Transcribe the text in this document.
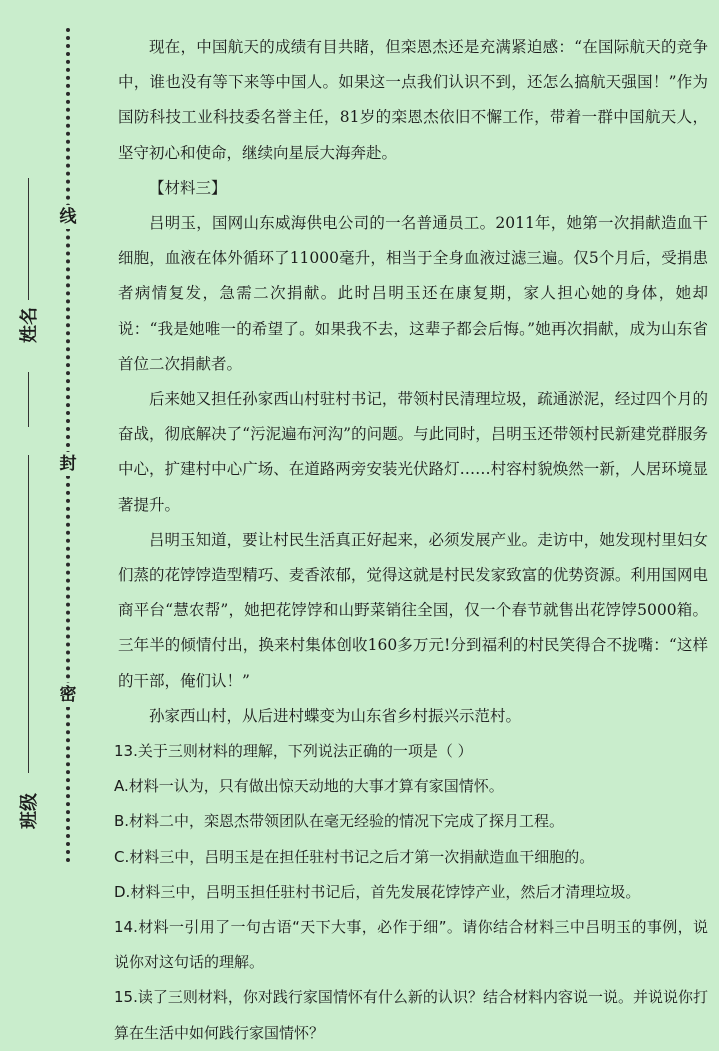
线
封
密
姓名
班级

现在，中国航天的成绩有目共睹，但栾恩杰还是充满紧迫感：“在国际航天的竞争中，谁也没有等下来等中国人。如果这一点我们认识不到，还怎么搞航天强国！”作为国防科技工业科技委名誉主任，81岁的栾恩杰依旧不懈工作，带着一群中国航天人，坚守初心和使命，继续向星辰大海奔赴。

【材料三】

吕明玉，国网山东威海供电公司的一名普通员工。2011年，她第一次捐献造血干细胞，血液在体外循环了11000毫升，相当于全身血液过滤三遍。仅5个月后，受捐患者病情复发，急需二次捐献。此时吕明玉还在康复期，家人担心她的身体，她却说：“我是她唯一的希望了。如果我不去，这辈子都会后悔。”她再次捐献，成为山东省首位二次捐献者。

后来她又担任孙家西山村驻村书记，带领村民清理垃圾，疏通淤泥，经过四个月的奋战，彻底解决了“污泥遍布河沟”的问题。与此同时，吕明玉还带领村民新建党群服务中心，扩建村中心广场、在道路两旁安装光伏路灯……村容村貌焕然一新，人居环境显著提升。

吕明玉知道，要让村民生活真正好起来，必须发展产业。走访中，她发现村里妇女们蒸的花饽饽造型精巧、麦香浓郁，觉得这就是村民发家致富的优势资源。利用国网电商平台“慧农帮”，她把花饽饽和山野菜销往全国，仅一个春节就售出花饽饽5000箱。三年半的倾情付出，换来村集体创收160多万元!分到福利的村民笑得合不拢嘴：“这样的干部，俺们认！”

孙家西山村，从后进村蝶变为山东省乡村振兴示范村。

13.关于三则材料的理解，下列说法正确的一项是（ ）

A.材料一认为，只有做出惊天动地的大事才算有家国情怀。

B.材料二中，栾恩杰带领团队在毫无经验的情况下完成了探月工程。

C.材料三中，吕明玉是在担任驻村书记之后才第一次捐献造血干细胞的。

D.材料三中，吕明玉担任驻村书记后，首先发展花饽饽产业，然后才清理垃圾。

14.材料一引用了一句古语“天下大事，必作于细”。请你结合材料三中吕明玉的事例，说说你对这句话的理解。

15.读了三则材料，你对践行家国情怀有什么新的认识？结合材料内容说一说。并说说你打算在生活中如何践行家国情怀？
